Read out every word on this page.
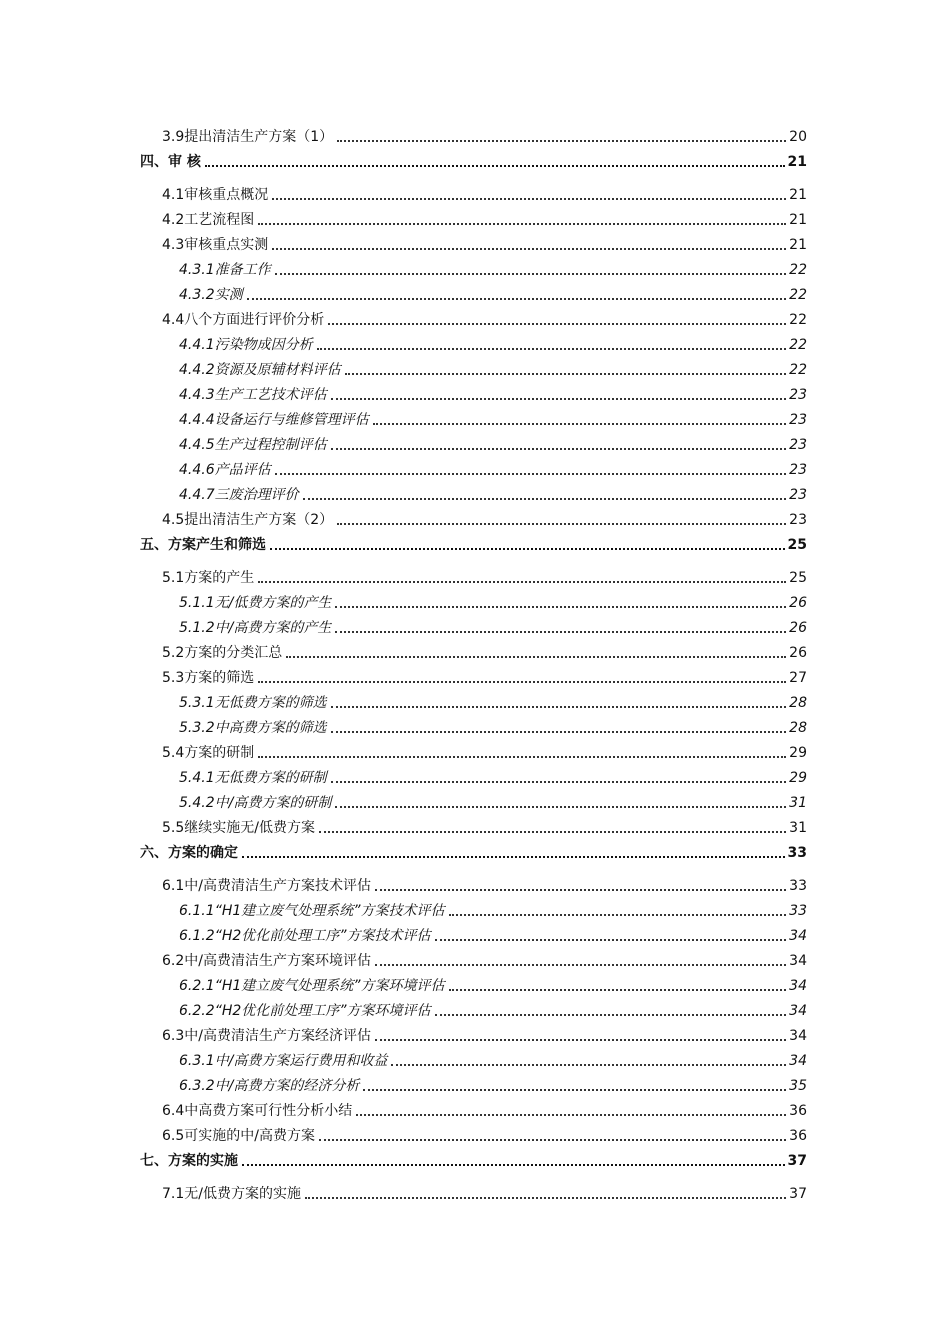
3.9提出清洁生产方案（1）	20
四、审 核	21
4.1审核重点概况	21
4.2工艺流程图	21
4.3审核重点实测	21
4.3.1准备工作	22
4.3.2实测	22
4.4八个方面进行评价分析	22
4.4.1污染物成因分析	22
4.4.2资源及原辅材料评估	22
4.4.3生产工艺技术评估	23
4.4.4设备运行与维修管理评估	23
4.4.5生产过程控制评估	23
4.4.6产品评估	23
4.4.7三废治理评价	23
4.5提出清洁生产方案（2）	23
五、方案产生和筛选	25
5.1方案的产生	25
5.1.1无/低费方案的产生	26
5.1.2中/高费方案的产生	26
5.2方案的分类汇总	26
5.3方案的筛选	27
5.3.1无低费方案的筛选	28
5.3.2中高费方案的筛选	28
5.4方案的研制	29
5.4.1无低费方案的研制	29
5.4.2中/高费方案的研制	31
5.5继续实施无/低费方案	31
六、方案的确定	33
6.1中/高费清洁生产方案技术评估	33
6.1.1“H1建立废气处理系统”方案技术评估	33
6.1.2“H2优化前处理工序”方案技术评估	34
6.2中/高费清洁生产方案环境评估	34
6.2.1“H1建立废气处理系统”方案环境评估	34
6.2.2“H2优化前处理工序”方案环境评估	34
6.3中/高费清洁生产方案经济评估	34
6.3.1中/高费方案运行费用和收益	34
6.3.2中/高费方案的经济分析	35
6.4中高费方案可行性分析小结	36
6.5可实施的中/高费方案	36
七、方案的实施	37
7.1无/低费方案的实施	37
